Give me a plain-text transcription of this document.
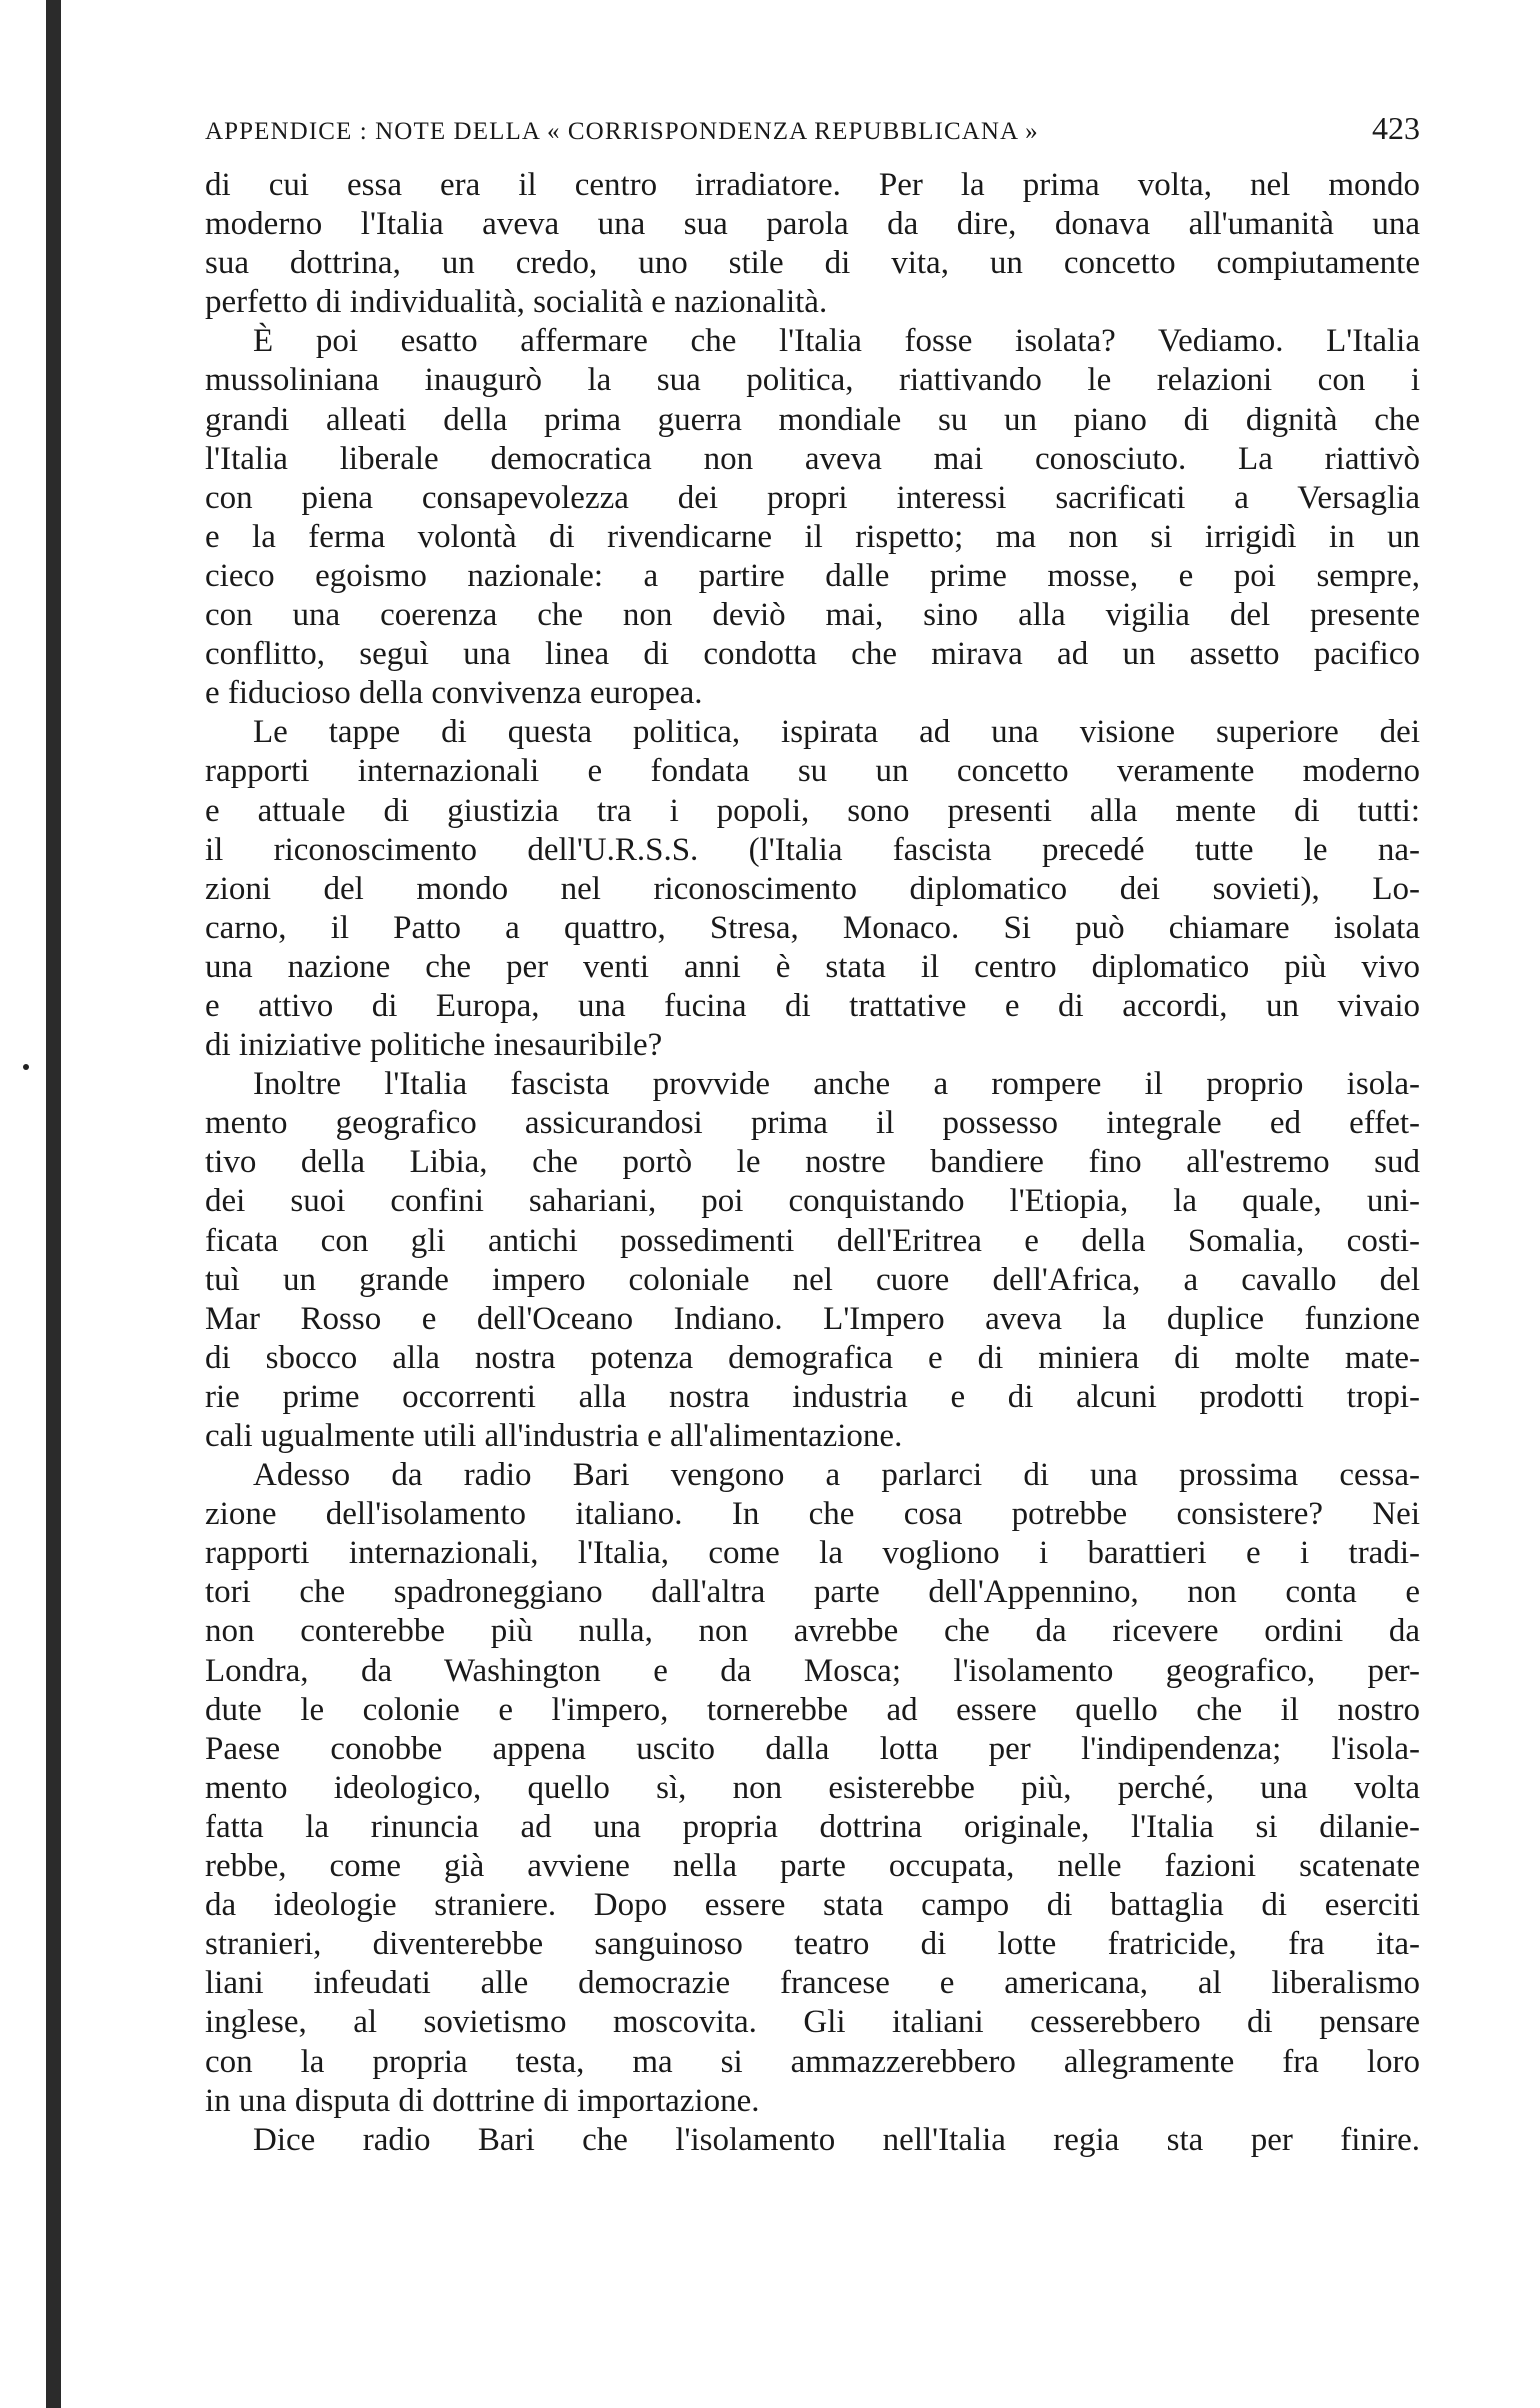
APPENDICE : NOTE DELLA « CORRISPONDENZA REPUBBLICANA »	423
di cui essa era il centro irradiatore. Per la prima volta, nel mondo
moderno l'Italia aveva una sua parola da dire, donava all'umanità una
sua dottrina, un credo, uno stile di vita, un concetto compiutamente
perfetto di individualità, socialità e nazionalità.
È poi esatto affermare che l'Italia fosse isolata? Vediamo. L'Italia
mussoliniana inaugurò la sua politica, riattivando le relazioni con i
grandi alleati della prima guerra mondiale su un piano di dignità che
l'Italia liberale democratica non aveva mai conosciuto. La riattivò
con piena consapevolezza dei propri interessi sacrificati a Versaglia
e la ferma volontà di rivendicarne il rispetto; ma non si irrigidì in un
cieco egoismo nazionale: a partire dalle prime mosse, e poi sempre,
con una coerenza che non deviò mai, sino alla vigilia del presente
conflitto, seguì una linea di condotta che mirava ad un assetto pacifico
e fiducioso della convivenza europea.
Le tappe di questa politica, ispirata ad una visione superiore dei
rapporti internazionali e fondata su un concetto veramente moderno
e attuale di giustizia tra i popoli, sono presenti alla mente di tutti:
il riconoscimento dell'U.R.S.S. (l'Italia fascista precedé tutte le na-
zioni del mondo nel riconoscimento diplomatico dei sovieti), Lo-
carno, il Patto a quattro, Stresa, Monaco. Si può chiamare isolata
una nazione che per venti anni è stata il centro diplomatico più vivo
e attivo di Europa, una fucina di trattative e di accordi, un vivaio
di iniziative politiche inesauribile?
Inoltre l'Italia fascista provvide anche a rompere il proprio isola-
mento geografico assicurandosi prima il possesso integrale ed effet-
tivo della Libia, che portò le nostre bandiere fino all'estremo sud
dei suoi confini sahariani, poi conquistando l'Etiopia, la quale, uni-
ficata con gli antichi possedimenti dell'Eritrea e della Somalia, costi-
tuì un grande impero coloniale nel cuore dell'Africa, a cavallo del
Mar Rosso e dell'Oceano Indiano. L'Impero aveva la duplice funzione
di sbocco alla nostra potenza demografica e di miniera di molte mate-
rie prime occorrenti alla nostra industria e di alcuni prodotti tropi-
cali ugualmente utili all'industria e all'alimentazione.
Adesso da radio Bari vengono a parlarci di una prossima cessa-
zione dell'isolamento italiano. In che cosa potrebbe consistere? Nei
rapporti internazionali, l'Italia, come la vogliono i barattieri e i tradi-
tori che spadroneggiano dall'altra parte dell'Appennino, non conta e
non conterebbe più nulla, non avrebbe che da ricevere ordini da
Londra, da Washington e da Mosca; l'isolamento geografico, per-
dute le colonie e l'impero, tornerebbe ad essere quello che il nostro
Paese conobbe appena uscito dalla lotta per l'indipendenza; l'isola-
mento ideologico, quello sì, non esisterebbe più, perché, una volta
fatta la rinuncia ad una propria dottrina originale, l'Italia si dilanie-
rebbe, come già avviene nella parte occupata, nelle fazioni scatenate
da ideologie straniere. Dopo essere stata campo di battaglia di eserciti
stranieri, diventerebbe sanguinoso teatro di lotte fratricide, fra ita-
liani infeudati alle democrazie francese e americana, al liberalismo
inglese, al sovietismo moscovita. Gli italiani cesserebbero di pensare
con la propria testa, ma si ammazzerebbero allegramente fra loro
in una disputa di dottrine di importazione.
Dice radio Bari che l'isolamento nell'Italia regia sta per finire.
